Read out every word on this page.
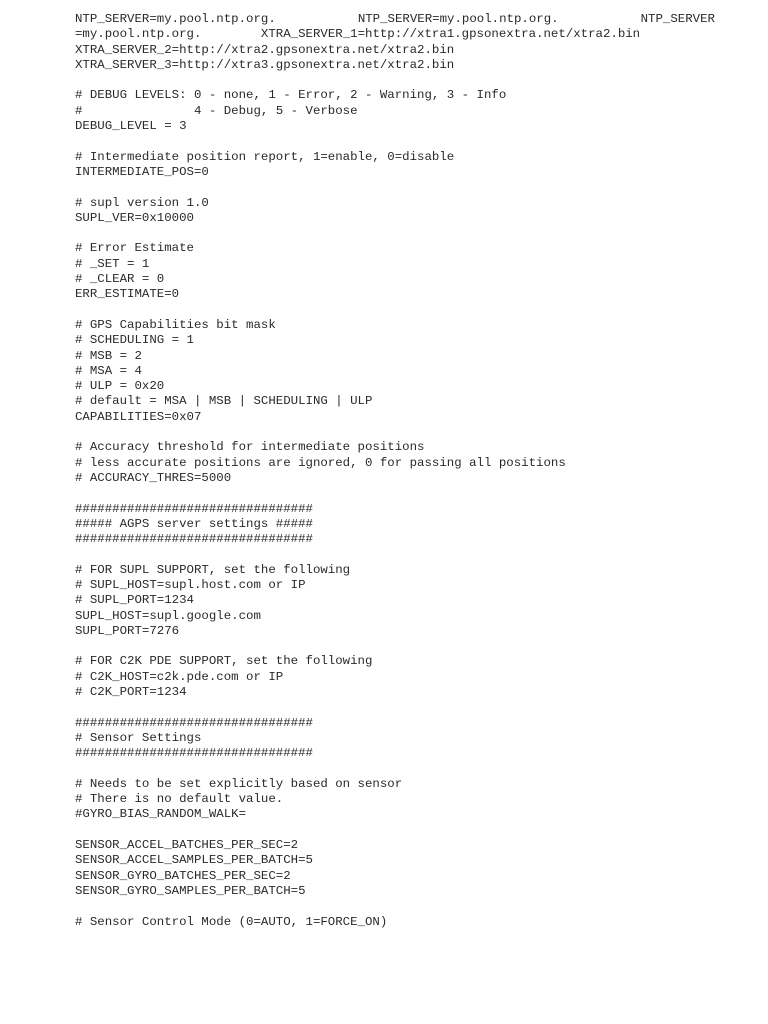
NTP_SERVER=my.pool.ntp.org.	NTP_SERVER=my.pool.ntp.org.	NTP_SERVER
=my.pool.ntp.org.	XTRA_SERVER_1=http://xtra1.gpsonextra.net/xtra2.bin
XTRA_SERVER_2=http://xtra2.gpsonextra.net/xtra2.bin
XTRA_SERVER_3=http://xtra3.gpsonextra.net/xtra2.bin
# DEBUG LEVELS: 0 - none, 1 - Error, 2 - Warning, 3 - Info
#               4 - Debug, 5 - Verbose
DEBUG_LEVEL = 3
# Intermediate position report, 1=enable, 0=disable
INTERMEDIATE_POS=0
# supl version 1.0
SUPL_VER=0x10000
# Error Estimate
# _SET = 1
# _CLEAR = 0
ERR_ESTIMATE=0
# GPS Capabilities bit mask
# SCHEDULING = 1
# MSB = 2
# MSA = 4
# ULP = 0x20
# default = MSA | MSB | SCHEDULING | ULP
CAPABILITIES=0x07
# Accuracy threshold for intermediate positions
# less accurate positions are ignored, 0 for passing all positions
# ACCURACY_THRES=5000
################################
##### AGPS server settings #####
################################
# FOR SUPL SUPPORT, set the following
# SUPL_HOST=supl.host.com or IP
# SUPL_PORT=1234
SUPL_HOST=supl.google.com
SUPL_PORT=7276
# FOR C2K PDE SUPPORT, set the following
# C2K_HOST=c2k.pde.com or IP
# C2K_PORT=1234
################################
# Sensor Settings
################################
# Needs to be set explicitly based on sensor
# There is no default value.
#GYRO_BIAS_RANDOM_WALK=
SENSOR_ACCEL_BATCHES_PER_SEC=2
SENSOR_ACCEL_SAMPLES_PER_BATCH=5
SENSOR_GYRO_BATCHES_PER_SEC=2
SENSOR_GYRO_SAMPLES_PER_BATCH=5
# Sensor Control Mode (0=AUTO, 1=FORCE_ON)
